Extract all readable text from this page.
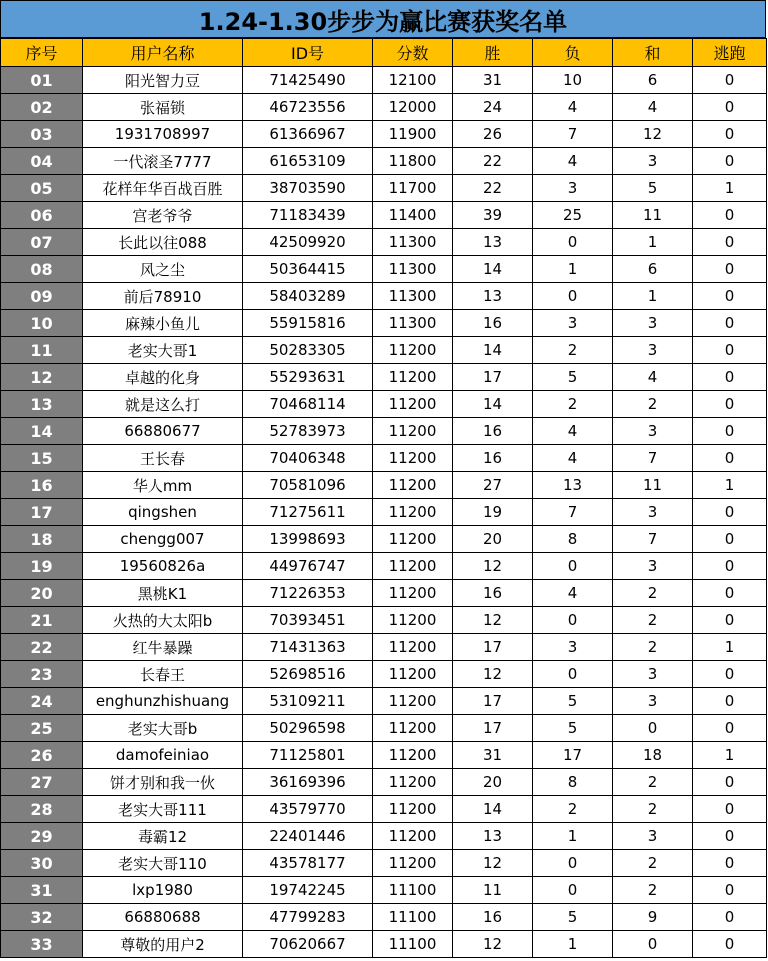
1.24-1.30步步为赢比赛获奖名单
序号	用户名称	ID号	分数	胜	负	和	逃跑
01	阳光智力豆	71425490	12100	31	10	6	0
02	张福锁	46723556	12000	24	4	4	0
03	1931708997	61366967	11900	26	7	12	0
04	一代滚圣7777	61653109	11800	22	4	3	0
05	花样年华百战百胜	38703590	11700	22	3	5	1
06	宫老爷爷	71183439	11400	39	25	11	0
07	长此以往088	42509920	11300	13	0	1	0
08	风之尘	50364415	11300	14	1	6	0
09	前后78910	58403289	11300	13	0	1	0
10	麻辣小鱼儿	55915816	11300	16	3	3	0
11	老实大哥1	50283305	11200	14	2	3	0
12	卓越的化身	55293631	11200	17	5	4	0
13	就是这么打	70468114	11200	14	2	2	0
14	66880677	52783973	11200	16	4	3	0
15	王长春	70406348	11200	16	4	7	0
16	华人mm	70581096	11200	27	13	11	1
17	qingshen	71275611	11200	19	7	3	0
18	chengg007	13998693	11200	20	8	7	0
19	19560826a	44976747	11200	12	0	3	0
20	黑桃K1	71226353	11200	16	4	2	0
21	火热的大太阳b	70393451	11200	12	0	2	0
22	红牛暴躁	71431363	11200	17	3	2	1
23	长春王	52698516	11200	12	0	3	0
24	enghunzhishuang	53109211	11200	17	5	3	0
25	老实大哥b	50296598	11200	17	5	0	0
26	damofeiniao	71125801	11200	31	17	18	1
27	饼才别和我一伙	36169396	11200	20	8	2	0
28	老实大哥111	43579770	11200	14	2	2	0
29	毒霸12	22401446	11200	13	1	3	0
30	老实大哥110	43578177	11200	12	0	2	0
31	lxp1980	19742245	11100	11	0	2	0
32	66880688	47799283	11100	16	5	9	0
33	尊敬的用户2	70620667	11100	12	1	0	0
